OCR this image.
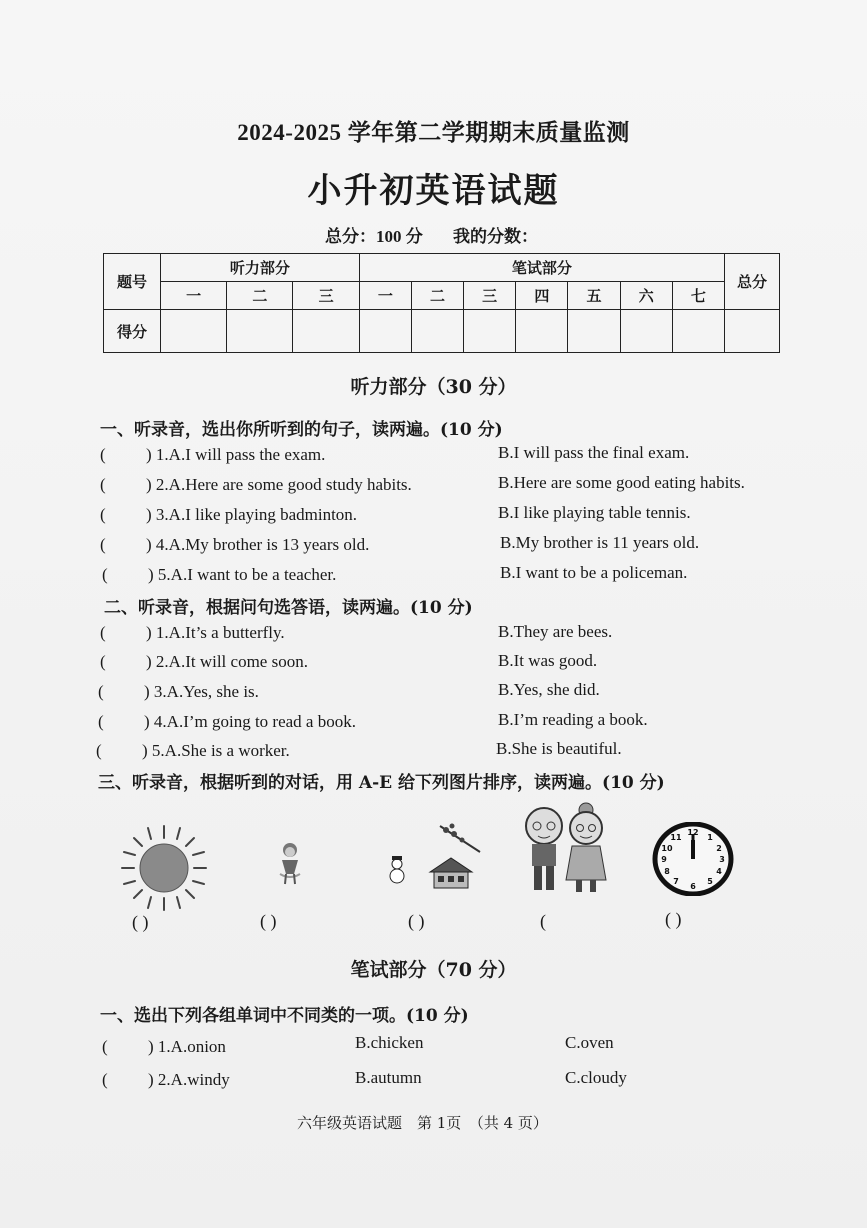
2024-2025 学年第二学期期末质量监测
小升初英语试题
总分：100 分 我的分数：
题号	听力部分			笔试部分							总分
	一	二	三	一	二	三	四	五	六	七	
得分											
听力部分（30 分）
一、听录音，选出你所听到的句子，读两遍。(10 分)
( ) 1.A.I will pass the exam.	B.I will pass the final exam.
( ) 2.A.Here are some good study habits.	B.Here are some good eating habits.
( ) 3.A.I like playing badminton.	B.I like playing table tennis.
( ) 4.A.My brother is 13 years old.	B.My brother is 11 years old.
( ) 5.A.I want to be a teacher.	B.I want to be a policeman.
二、听录音，根据问句选答语，读两遍。(10 分)
( ) 1.A.It’s a butterfly.	B.They are bees.
( ) 2.A.It will come soon.	B.It was good.
( ) 3.A.Yes, she is.	B.Yes, she did.
( ) 4.A.I’m going to read a book.	B.I’m reading a book.
( ) 5.A.She is a worker.	B.She is beautiful.
三、听录音，根据听到的对话，用 A-E 给下列图片排序，读两遍。(10 分)
12
1
2
3
4
5
6
7
8
9
10
11
( )	( )	( )	(	( )
笔试部分（70 分）
一、选出下列各组单词中不同类的一项。(10 分)
( ) 1.A.onion	B.chicken	C.oven
( ) 2.A.windy	B.autumn	C.cloudy
六年级英语试题　第 1页　（共 4 页）
